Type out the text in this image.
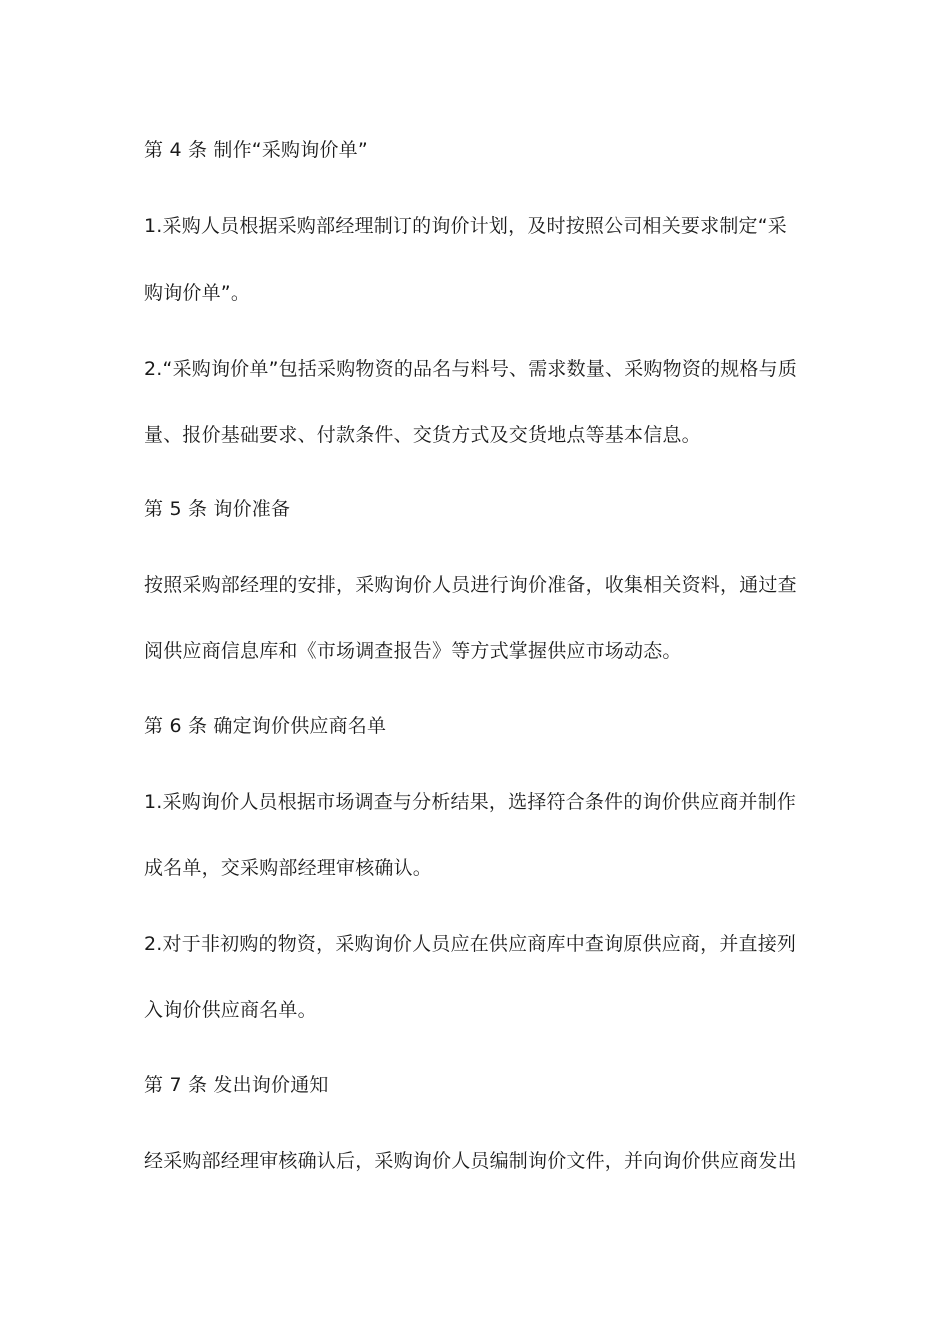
第 4 条 制作“采购询价单”
1.采购人员根据采购部经理制订的询价计划，及时按照公司相关要求制定“采
购询价单”。
2.“采购询价单”包括采购物资的品名与料号、需求数量、采购物资的规格与质
量、报价基础要求、付款条件、交货方式及交货地点等基本信息。
第 5 条 询价准备
按照采购部经理的安排，采购询价人员进行询价准备，收集相关资料，通过查
阅供应商信息库和《市场调查报告》等方式掌握供应市场动态。
第 6 条 确定询价供应商名单
1.采购询价人员根据市场调查与分析结果，选择符合条件的询价供应商并制作
成名单，交采购部经理审核确认。
2.对于非初购的物资，采购询价人员应在供应商库中查询原供应商，并直接列
入询价供应商名单。
第 7 条 发出询价通知
经采购部经理审核确认后，采购询价人员编制询价文件，并向询价供应商发出
